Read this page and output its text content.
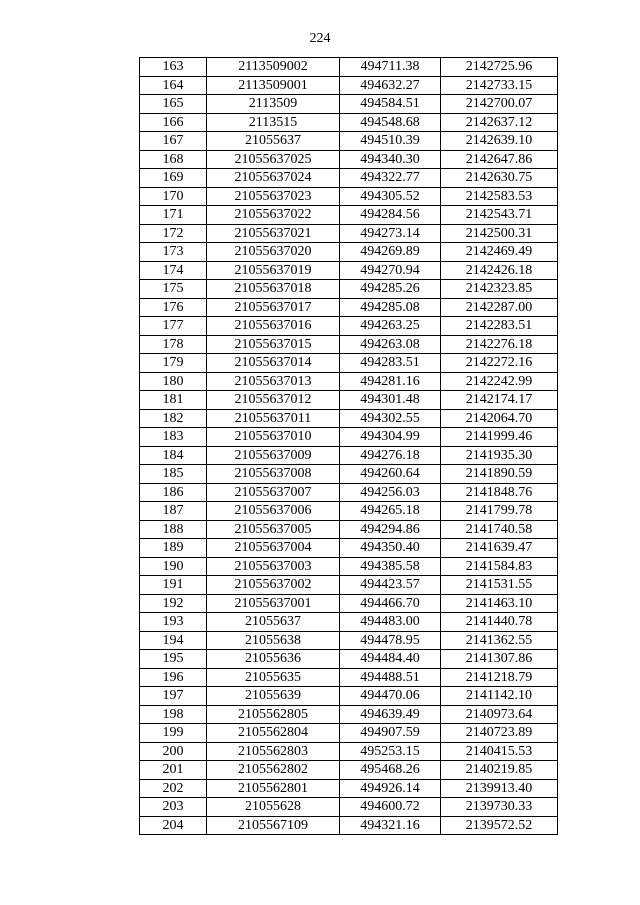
224
163	2113509002	494711.38	2142725.96
164	2113509001	494632.27	2142733.15
165	2113509	494584.51	2142700.07
166	2113515	494548.68	2142637.12
167	21055637	494510.39	2142639.10
168	21055637025	494340.30	2142647.86
169	21055637024	494322.77	2142630.75
170	21055637023	494305.52	2142583.53
171	21055637022	494284.56	2142543.71
172	21055637021	494273.14	2142500.31
173	21055637020	494269.89	2142469.49
174	21055637019	494270.94	2142426.18
175	21055637018	494285.26	2142323.85
176	21055637017	494285.08	2142287.00
177	21055637016	494263.25	2142283.51
178	21055637015	494263.08	2142276.18
179	21055637014	494283.51	2142272.16
180	21055637013	494281.16	2142242.99
181	21055637012	494301.48	2142174.17
182	21055637011	494302.55	2142064.70
183	21055637010	494304.99	2141999.46
184	21055637009	494276.18	2141935.30
185	21055637008	494260.64	2141890.59
186	21055637007	494256.03	2141848.76
187	21055637006	494265.18	2141799.78
188	21055637005	494294.86	2141740.58
189	21055637004	494350.40	2141639.47
190	21055637003	494385.58	2141584.83
191	21055637002	494423.57	2141531.55
192	21055637001	494466.70	2141463.10
193	21055637	494483.00	2141440.78
194	21055638	494478.95	2141362.55
195	21055636	494484.40	2141307.86
196	21055635	494488.51	2141218.79
197	21055639	494470.06	2141142.10
198	2105562805	494639.49	2140973.64
199	2105562804	494907.59	2140723.89
200	2105562803	495253.15	2140415.53
201	2105562802	495468.26	2140219.85
202	2105562801	494926.14	2139913.40
203	21055628	494600.72	2139730.33
204	2105567109	494321.16	2139572.52
